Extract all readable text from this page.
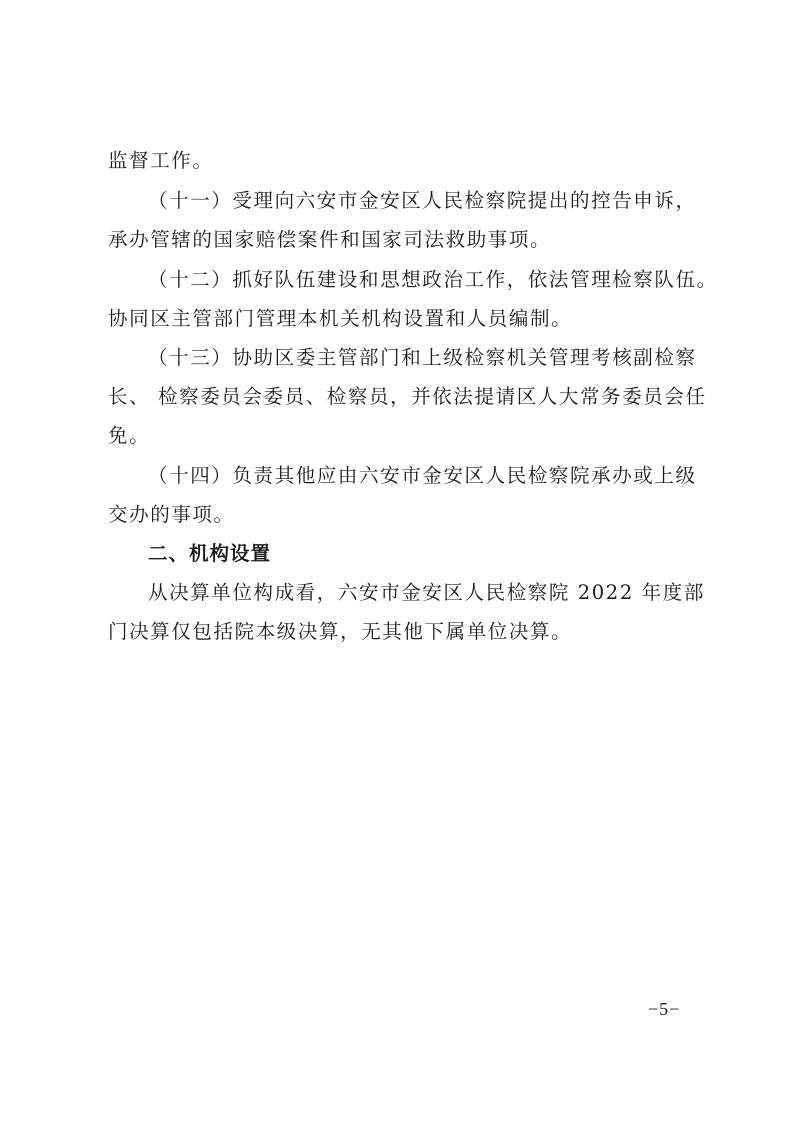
监督工作。
（十一）受理向六安市金安区人民检察院提出的控告申诉，
承办管辖的国家赔偿案件和国家司法救助事项。
（十二）抓好队伍建设和思想政治工作，依法管理检察队伍。
协同区主管部门管理本机关机构设置和人员编制。
（十三）协助区委主管部门和上级检察机关管理考核副检察
长、 检察委员会委员、检察员，并依法提请区人大常务委员会任
免。
（十四）负责其他应由六安市金安区人民检察院承办或上级
交办的事项。
二、机构设置
从决算单位构成看，六安市金安区人民检察院 2022 年度部
门决算仅包括院本级决算，无其他下属单位决算。
−5−
